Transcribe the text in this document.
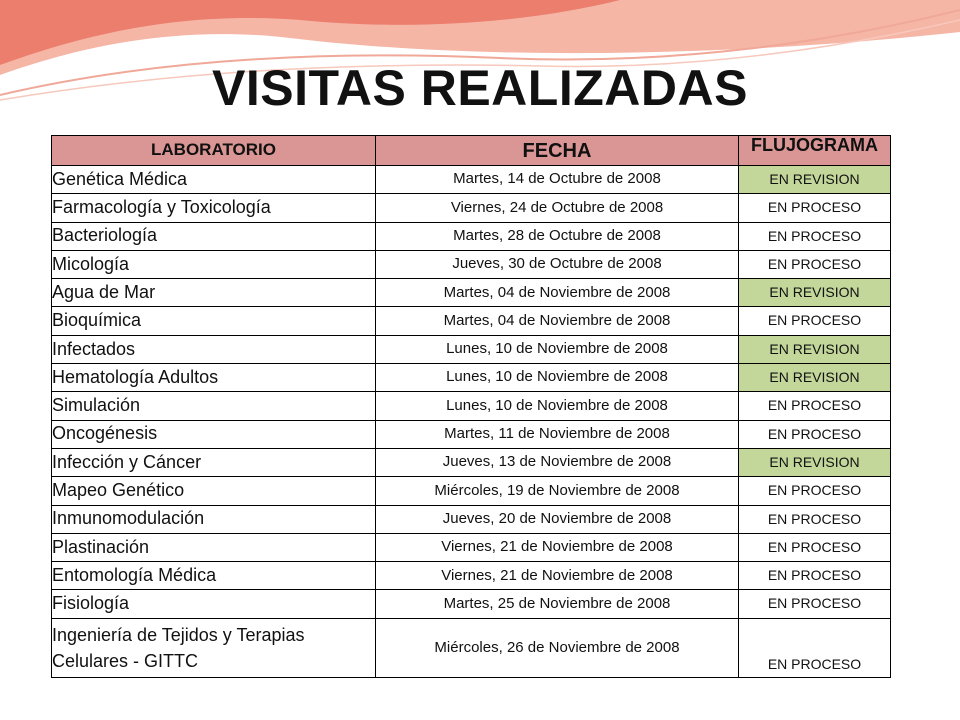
VISITAS REALIZADAS
LABORATORIO	FECHA	FLUJOGRAMA
Genética Médica	Martes, 14 de Octubre de 2008	EN REVISION
Farmacología y Toxicología	Viernes, 24 de Octubre de 2008	EN PROCESO
Bacteriología	Martes, 28 de Octubre de 2008	EN PROCESO
Micología	Jueves, 30 de Octubre de 2008	EN PROCESO
Agua de Mar	Martes, 04 de Noviembre de 2008	EN REVISION
Bioquímica	Martes, 04 de Noviembre de 2008	EN PROCESO
Infectados	Lunes, 10 de Noviembre de 2008	EN REVISION
Hematología Adultos	Lunes, 10 de Noviembre de 2008	EN REVISION
Simulación	Lunes, 10 de Noviembre de 2008	EN PROCESO
Oncogénesis	Martes, 11 de Noviembre de 2008	EN PROCESO
Infección y Cáncer	Jueves, 13 de Noviembre de 2008	EN REVISION
Mapeo Genético	Miércoles, 19 de Noviembre de 2008	EN PROCESO
Inmunomodulación	Jueves, 20 de Noviembre de 2008	EN PROCESO
Plastinación	Viernes, 21 de Noviembre de 2008	EN PROCESO
Entomología Médica	Viernes, 21 de Noviembre de 2008	EN PROCESO
Fisiología	Martes, 25 de Noviembre de 2008	EN PROCESO

Ingeniería de Tejidos y Terapias
Celulares - GITTC	Miércoles, 26 de Noviembre de 2008	EN PROCESO
